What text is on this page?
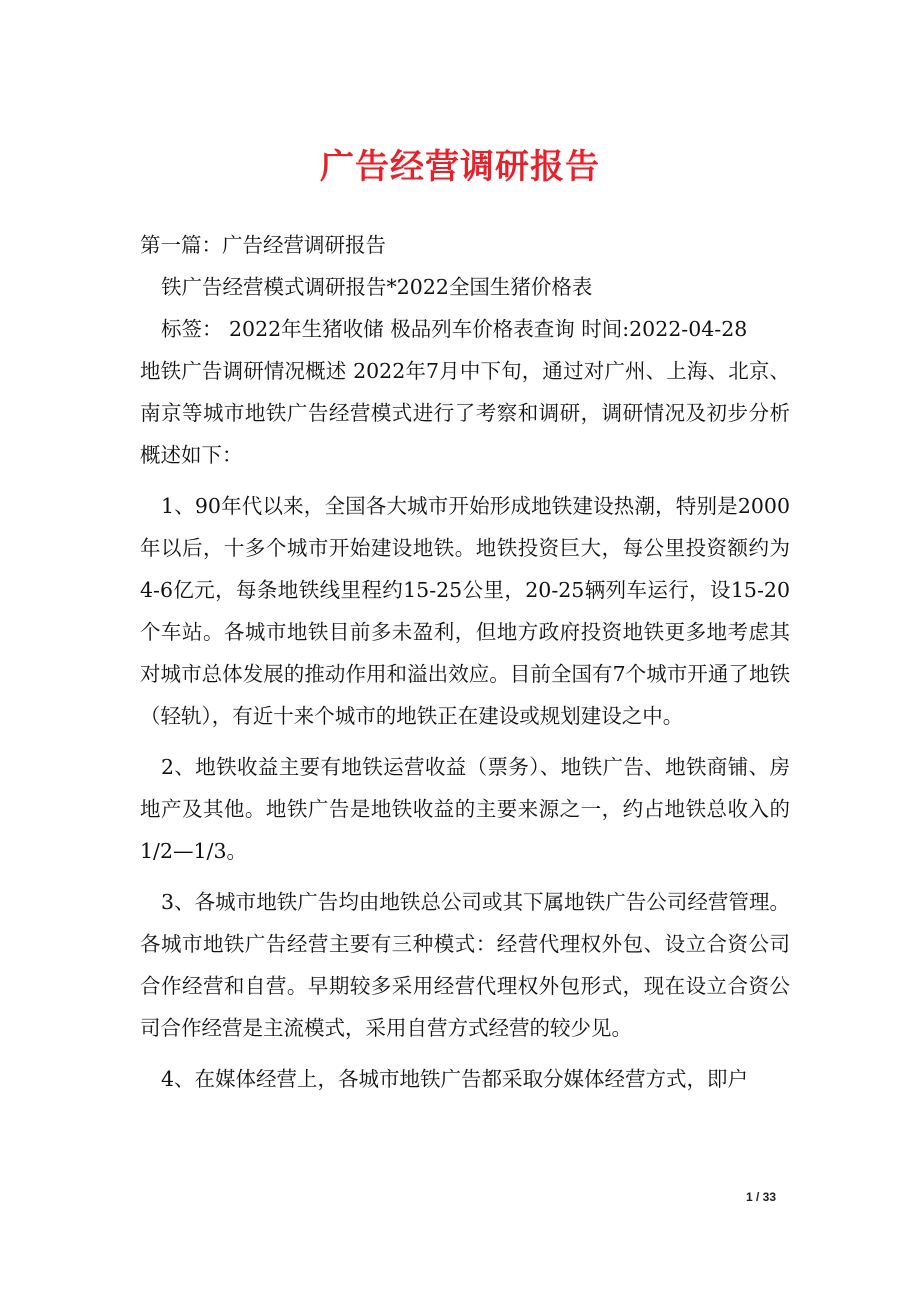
广告经营调研报告

第一篇：广告经营调研报告

铁广告经营模式调研报告*2022全国生猪价格表

标签： 2022年生猪收储 极品列车价格表查询 时间:2022-04-28

地铁广告调研情况概述 2022年7月中下旬，通过对广州、上海、北京、南京等城市地铁广告经营模式进行了考察和调研，调研情况及初步分析概述如下：

1、90年代以来，全国各大城市开始形成地铁建设热潮，特别是2000年以后，十多个城市开始建设地铁。地铁投资巨大，每公里投资额约为4-6亿元，每条地铁线里程约15-25公里，20-25辆列车运行，设15-20个车站。各城市地铁目前多未盈利，但地方政府投资地铁更多地考虑其对城市总体发展的推动作用和溢出效应。目前全国有7个城市开通了地铁（轻轨），有近十来个城市的地铁正在建设或规划建设之中。

2、地铁收益主要有地铁运营收益（票务）、地铁广告、地铁商铺、房地产及其他。地铁广告是地铁收益的主要来源之一，约占地铁总收入的1/2—1/3。

3、各城市地铁广告均由地铁总公司或其下属地铁广告公司经营管理。各城市地铁广告经营主要有三种模式：经营代理权外包、设立合资公司合作经营和自营。早期较多采用经营代理权外包形式，现在设立合资公司合作经营是主流模式，采用自营方式经营的较少见。

4、在媒体经营上，各城市地铁广告都采取分媒体经营方式，即户

1 / 33
